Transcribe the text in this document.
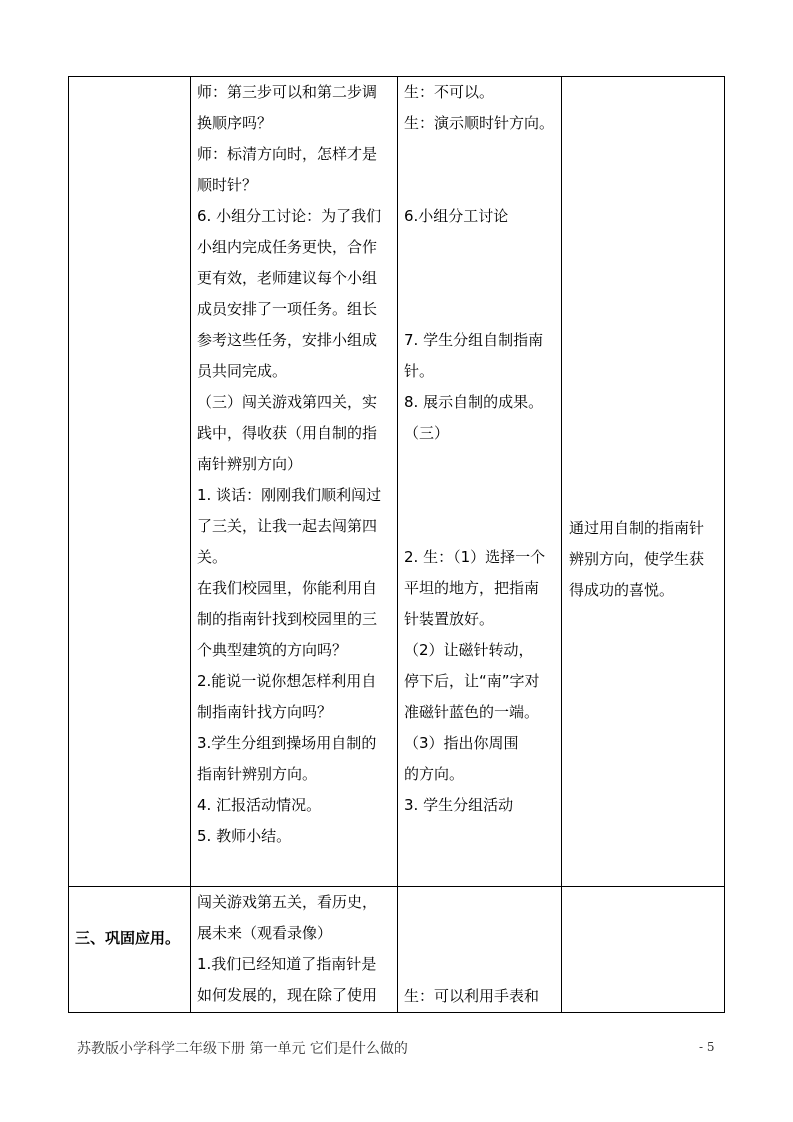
师：第三步可以和第二步调
换顺序吗？
师：标清方向时，怎样才是
顺时针？
6. 小组分工讨论：为了我们
小组内完成任务更快，合作
更有效，老师建议每个小组
成员安排了一项任务。组长
参考这些任务，安排小组成
员共同完成。
（三）闯关游戏第四关，实
践中，得收获（用自制的指
南针辨别方向）
1. 谈话：刚刚我们顺利闯过
了三关，让我一起去闯第四
关。
在我们校园里，你能利用自
制的指南针找到校园里的三
个典型建筑的方向吗？
2.能说一说你想怎样利用自
制指南针找方向吗？
3.学生分组到操场用自制的
指南针辨别方向。
4. 汇报活动情况。
5. 教师小结。
生：不可以。
生：演示顺时针方向。
6.小组分工讨论
7. 学生分组自制指南
针。
8. 展示自制的成果。
（三）
2. 生：（1）选择一个
平坦的地方，把指南
针装置放好。
（2）让磁针转动，
停下后，让“南”字对
准磁针蓝色的一端。
（3）指出你周围
的方向。
3. 学生分组活动
通过用自制的指南针
辨别方向，使学生获
得成功的喜悦。
三、巩固应用。
闯关游戏第五关，看历史，
展未来（观看录像）
1.我们已经知道了指南针是
如何发展的，现在除了使用 生：可以利用手表和
苏教版小学科学二年级下册 第一单元 它们是什么做的	- 5
